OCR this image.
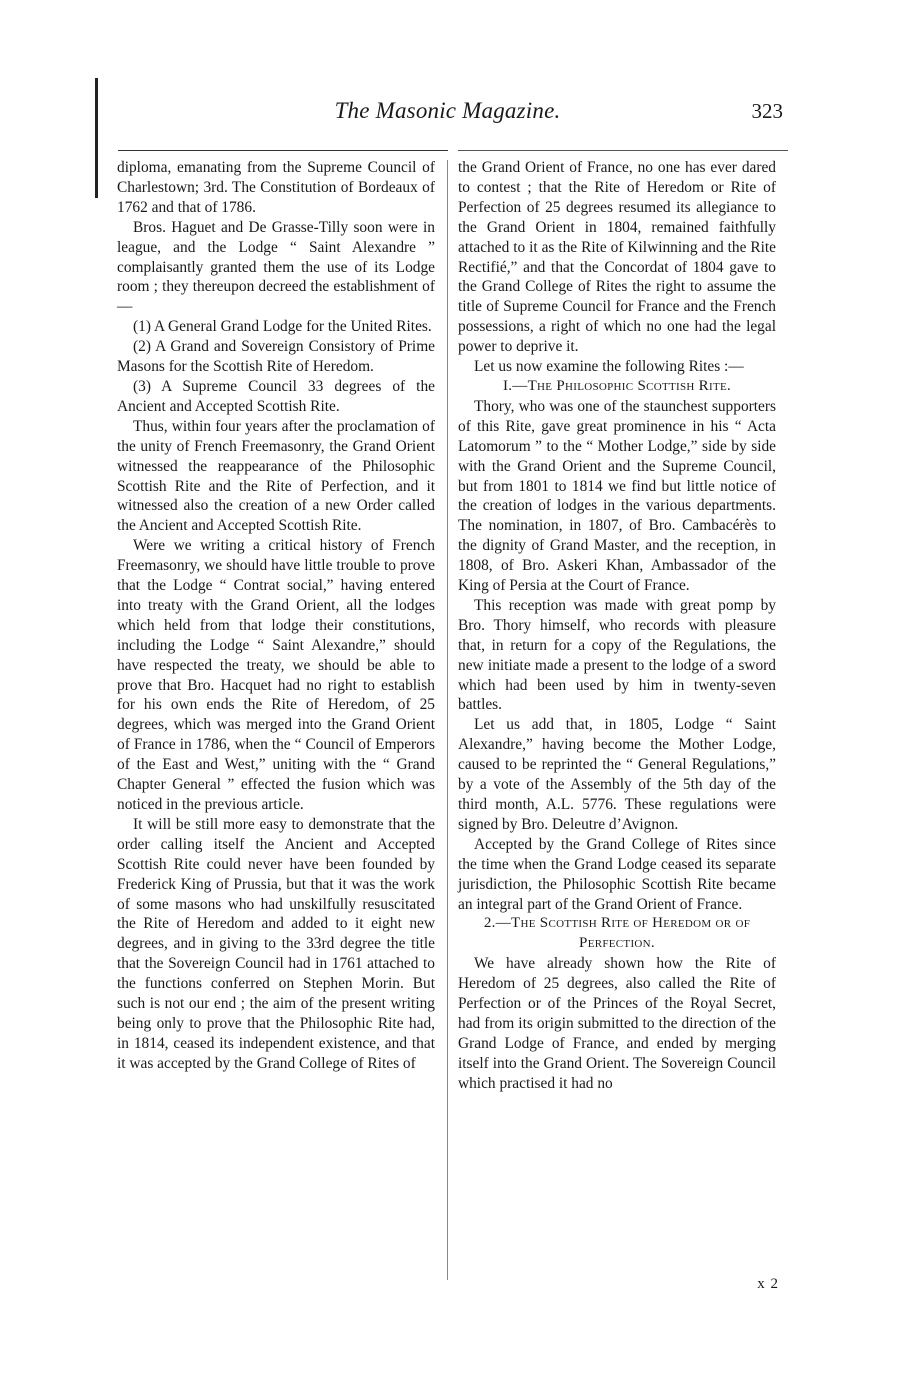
The Masonic Magazine.	323

diploma, emanating from the Supreme Council of Charlestown; 3rd. The Constitution of Bordeaux of 1762 and that of 1786.

Bros. Haguet and De Grasse-Tilly soon were in league, and the Lodge “ Saint Alexandre ” complaisantly granted them the use of its Lodge room ; they thereupon decreed the establishment of—

(1) A General Grand Lodge for the United Rites.

(2) A Grand and Sovereign Consistory of Prime Masons for the Scottish Rite of Heredom.

(3) A Supreme Council 33 degrees of the Ancient and Accepted Scottish Rite.

Thus, within four years after the proclamation of the unity of French Freemasonry, the Grand Orient witnessed the reappearance of the Philosophic Scottish Rite and the Rite of Perfection, and it witnessed also the creation of a new Order called the Ancient and Accepted Scottish Rite.

Were we writing a critical history of French Freemasonry, we should have little trouble to prove that the Lodge “ Contrat social,” having entered into treaty with the Grand Orient, all the lodges which held from that lodge their constitutions, including the Lodge “ Saint Alexandre,” should have respected the treaty, we should be able to prove that Bro. Hacquet had no right to establish for his own ends the Rite of Heredom, of 25 degrees, which was merged into the Grand Orient of France in 1786, when the “ Council of Emperors of the East and West,” uniting with the “ Grand Chapter General ” effected the fusion which was noticed in the previous article.

It will be still more easy to demonstrate that the order calling itself the Ancient and Accepted Scottish Rite could never have been founded by Frederick King of Prussia, but that it was the work of some masons who had unskilfully resuscitated the Rite of Heredom and added to it eight new degrees, and in giving to the 33rd degree the title that the Sovereign Council had in 1761 attached to the functions conferred on Stephen Morin. But such is not our end ; the aim of the present writing being only to prove that the Philosophic Rite had, in 1814, ceased its independent existence, and that it was accepted by the Grand College of Rites of

the Grand Orient of France, no one has ever dared to contest ; that the Rite of Heredom or Rite of Perfection of 25 degrees resumed its allegiance to the Grand Orient in 1804, remained faithfully attached to it as the Rite of Kilwinning and the Rite Rectifié,” and that the Concordat of 1804 gave to the Grand College of Rites the right to assume the title of Supreme Council for France and the French possessions, a right of which no one had the legal power to deprive it.

Let us now examine the following Rites :—

I.—The Philosophic Scottish Rite.

Thory, who was one of the staunchest supporters of this Rite, gave great prominence in his “ Acta Latomorum ” to the “ Mother Lodge,” side by side with the Grand Orient and the Supreme Council, but from 1801 to 1814 we find but little notice of the creation of lodges in the various departments. The nomination, in 1807, of Bro. Cambacérès to the dignity of Grand Master, and the reception, in 1808, of Bro. Askeri Khan, Ambassador of the King of Persia at the Court of France.

This reception was made with great pomp by Bro. Thory himself, who records with pleasure that, in return for a copy of the Regulations, the new initiate made a present to the lodge of a sword which had been used by him in twenty-seven battles.

Let us add that, in 1805, Lodge “ Saint Alexandre,” having become the Mother Lodge, caused to be reprinted the “ General Regulations,” by a vote of the Assembly of the 5th day of the third month, A.L. 5776. These regulations were signed by Bro. Deleutre d’Avignon.

Accepted by the Grand College of Rites since the time when the Grand Lodge ceased its separate jurisdiction, the Philosophic Scottish Rite became an integral part of the Grand Orient of France.

2.—The Scottish Rite of Heredom or of Perfection.

We have already shown how the Rite of Heredom of 25 degrees, also called the Rite of Perfection or of the Princes of the Royal Secret, had from its origin submitted to the direction of the Grand Lodge of France, and ended by merging itself into the Grand Orient. The Sovereign Council which practised it had no

x 2
